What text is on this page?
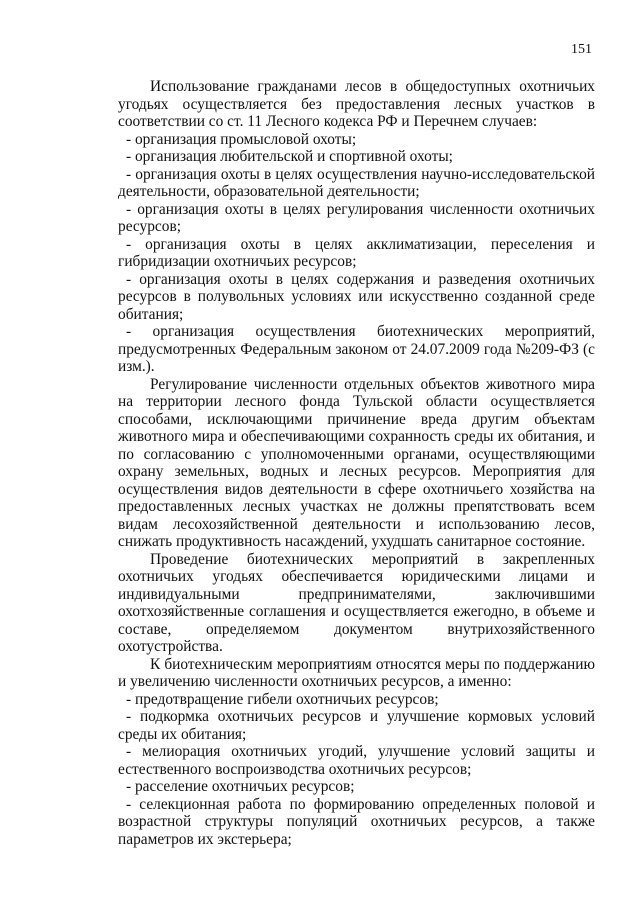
151

Использование гражданами лесов в общедоступных охотничьих угодьях осуществляется без предоставления лесных участков в соответствии со ст. 11 Лесного кодекса РФ и Перечнем случаев:

- организация промысловой охоты;

- организация любительской и спортивной охоты;

- организация охоты в целях осуществления научно-исследовательской деятельности, образовательной деятельности;

- организация охоты в целях регулирования численности охотничьих ресурсов;

- организация охоты в целях акклиматизации, переселения и гибридизации охотничьих ресурсов;

- организация охоты в целях содержания и разведения охотничьих ресурсов в полувольных условиях или искусственно созданной среде обитания;

- организация осуществления биотехнических мероприятий, предусмотренных Федеральным законом от 24.07.2009 года №209-ФЗ (с изм.).

Регулирование численности отдельных объектов животного мира на территории лесного фонда Тульской области осуществляется способами, исключающими причинение вреда другим объектам животного мира и обеспечивающими сохранность среды их обитания, и по согласованию с уполномоченными органами, осуществляющими охрану земельных, водных и лесных ресурсов. Мероприятия для осуществления видов деятельности в сфере охотничьего хозяйства на предоставленных лесных участках не должны препятствовать всем видам лесохозяйственной деятельности и использованию лесов, снижать продуктивность насаждений, ухудшать санитарное состояние.

Проведение биотехнических мероприятий в закрепленных охотничьих угодьях обеспечивается юридическими лицами и индивидуальными предпринимателями, заключившими охотхозяйственные соглашения и осуществляется ежегодно, в объеме и составе, определяемом документом внутрихозяйственного охотустройства.

К биотехническим мероприятиям относятся меры по поддержанию и увеличению численности охотничьих ресурсов, а именно:

- предотвращение гибели охотничьих ресурсов;

- подкормка охотничьих ресурсов и улучшение кормовых условий среды их обитания;

- мелиорация охотничьих угодий, улучшение условий защиты и естественного воспроизводства охотничьих ресурсов;

- расселение охотничьих ресурсов;

- селекционная работа по формированию определенных половой и возрастной структуры популяций охотничьих ресурсов, а также параметров их экстерьера;
